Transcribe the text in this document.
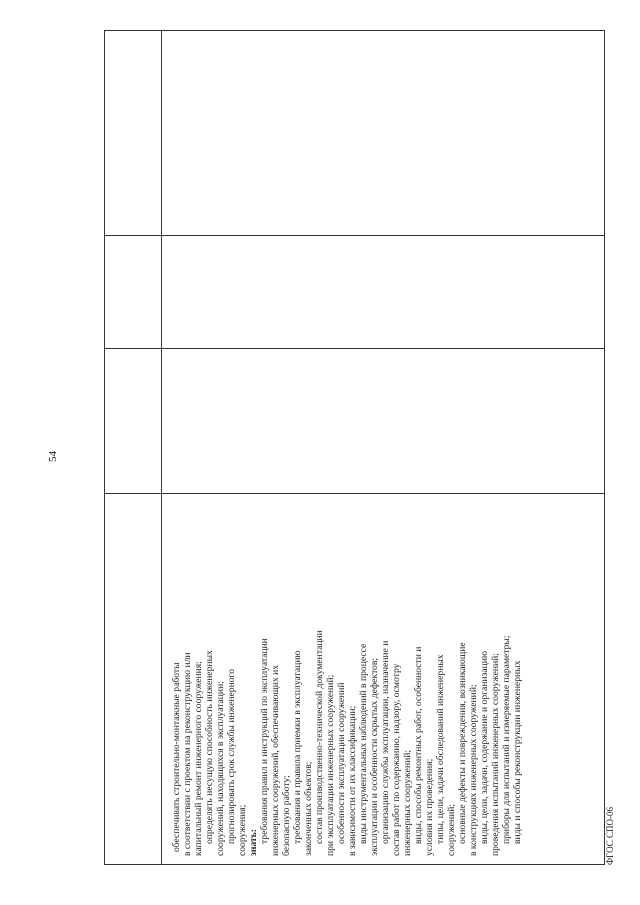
54

обеспечивать строительно-монтажные работы в соответствии с проектом на реконструкцию или капитальный ремонт инженерного сооружения; определять несущую способность инженерных сооружений, находящихся в эксплуатации; прогнозировать срок службы инженерного сооружения; знать: требования правил и инструкций по эксплуатации инженерных сооружений, обеспечивающих их безопасную работу; требования и правила приемки в эксплуатацию законченных объектов; состав производственно-технической документации при эксплуатации инженерных сооружений; особенности эксплуатации сооружений в зависимости от их классификации; виды инструментальных наблюдений в процессе эксплуатации и особенности скрытых дефектов; организацию службы эксплуатации, назначение и состав работ по содержанию, надзору, осмотру инженерных сооружений; виды, способы ремонтных работ, особенности и условия их проведения; типы, цели, задачи обследований инженерных сооружений; основные дефекты и повреждения, возникающие в конструкциях инженерных сооружений; виды, цели, задачи, содержание и организацию проведения испытаний инженерных сооружений; приборы для испытаний и измеряемые параметры; виды и способы реконструкции инженерных	ФГОС СПО-06
